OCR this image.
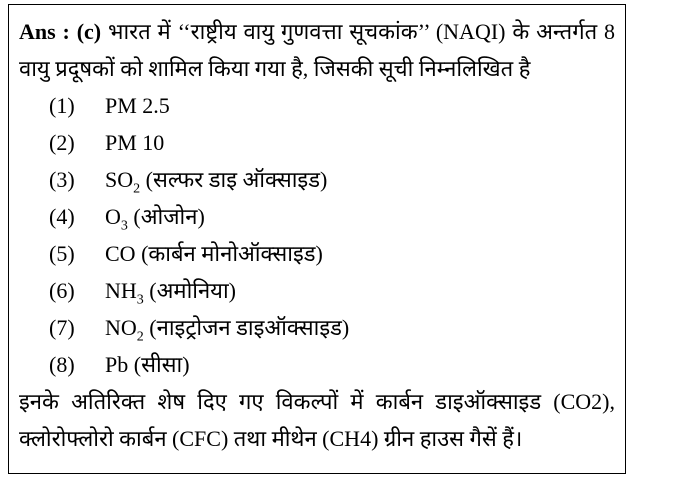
Ans : (c) भारत में ‘‘राष्ट्रीय वायु गुणवत्ता सूचकांक’’ (NAQI) के अन्तर्गत 8 वायु प्रदूषकों को शामिल किया गया है, जिसकी सूची निम्नलिखित है

(1) PM 2.5
(2) PM 10
(3) $SO_2$ (सल्फर डाइ ऑक्साइड)
(4) $O_3$ (ओजोन)
(5) CO (कार्बन मोनोऑक्साइड)
(6) $NH_3$ (अमोनिया)
(7) $NO_2$ (नाइट्रोजन डाइऑक्साइड)
(8) Pb (सीसा)

इनके अतिरिक्त शेष दिए गए विकल्पों में कार्बन डाइऑक्साइड (CO2), क्लोरोफ्लोरो कार्बन (CFC) तथा मीथेन (CH4) ग्रीन हाउस गैसें हैं।
